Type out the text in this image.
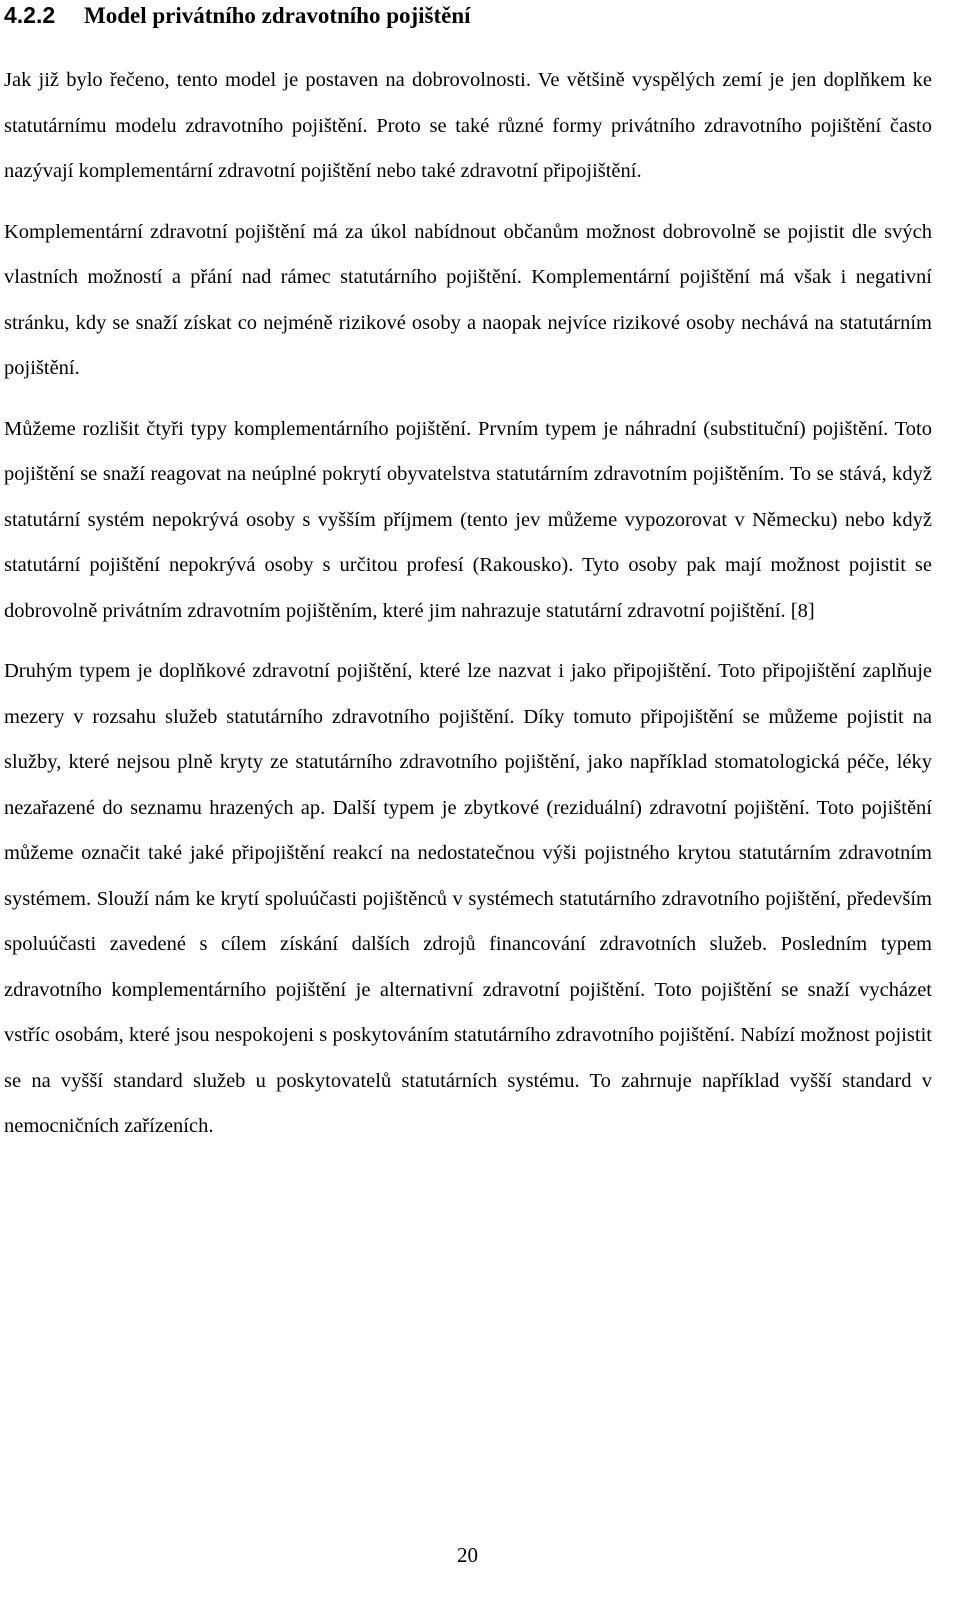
4.2.2 Model privátního zdravotního pojištění

Jak již bylo řečeno, tento model je postaven na dobrovolnosti. Ve většině vyspělých zemí je jen doplňkem ke statutárnímu modelu zdravotního pojištění. Proto se také různé formy privátního zdravotního pojištění často nazývají komplementární zdravotní pojištění nebo také zdravotní připojištění.

Komplementární zdravotní pojištění má za úkol nabídnout občanům možnost dobrovolně se pojistit dle svých vlastních možností a přání nad rámec statutárního pojištění. Komplementární pojištění má však i negativní stránku, kdy se snaží získat co nejméně rizikové osoby a naopak nejvíce rizikové osoby nechává na statutárním pojištění.

Můžeme rozlišit čtyři typy komplementárního pojištění. Prvním typem je náhradní (substituční) pojištění. Toto pojištění se snaží reagovat na neúplné pokrytí obyvatelstva statutárním zdravotním pojištěním. To se stává, když statutární systém nepokrývá osoby s vyšším příjmem (tento jev můžeme vypozorovat v Německu) nebo když statutární pojištění nepokrývá osoby s určitou profesí (Rakousko). Tyto osoby pak mají možnost pojistit se dobrovolně privátním zdravotním pojištěním, které jim nahrazuje statutární zdravotní pojištění. [8]

Druhým typem je doplňkové zdravotní pojištění, které lze nazvat i jako připojištění. Toto připojištění zaplňuje mezery v rozsahu služeb statutárního zdravotního pojištění. Díky tomuto připojištění se můžeme pojistit na služby, které nejsou plně kryty ze statutárního zdravotního pojištění, jako například stomatologická péče, léky nezařazené do seznamu hrazených ap. Další typem je zbytkové (reziduální) zdravotní pojištění. Toto pojištění můžeme označit také jaké připojištění reakcí na nedostatečnou výši pojistného krytou statutárním zdravotním systémem. Slouží nám ke krytí spoluúčasti pojištěnců v systémech statutárního zdravotního pojištění, především spoluúčasti zavedené s cílem získání dalších zdrojů financování zdravotních služeb. Posledním typem zdravotního komplementárního pojištění je alternativní zdravotní pojištění. Toto pojištění se snaží vycházet vstříc osobám, které jsou nespokojeni s poskytováním statutárního zdravotního pojištění. Nabízí možnost pojistit se na vyšší standard služeb u poskytovatelů statutárních systému. To zahrnuje například vyšší standard v nemocničních zařízeních.

20
